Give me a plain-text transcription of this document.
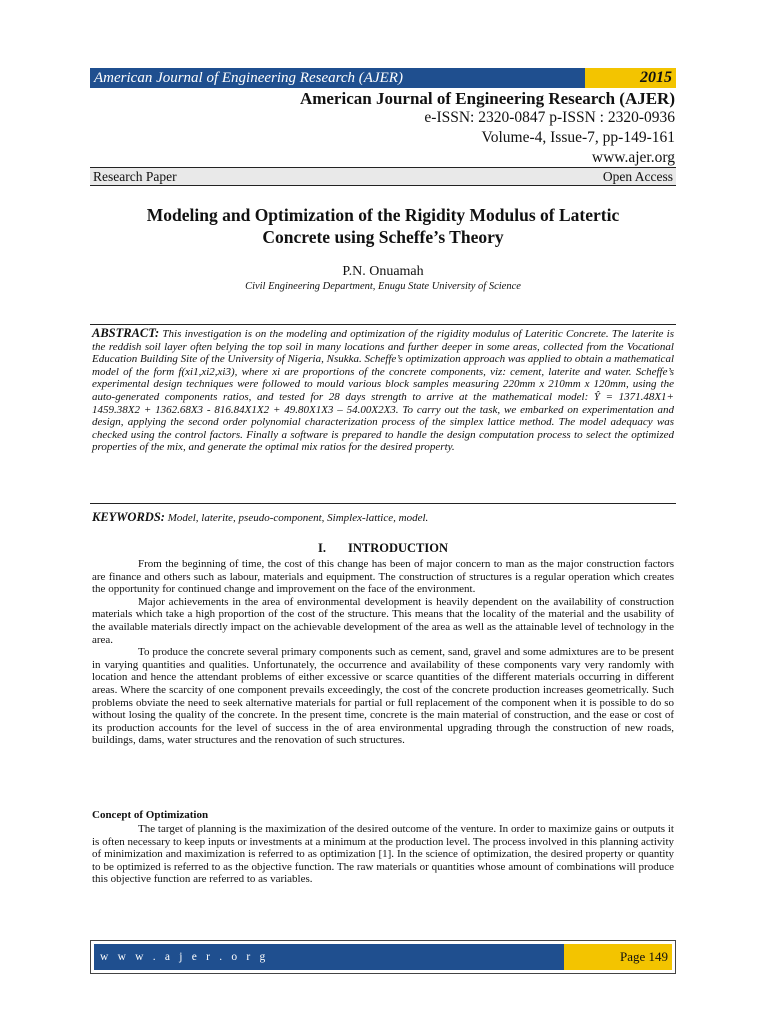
American Journal of Engineering Research (AJER)	2015
American Journal of Engineering Research (AJER)
e-ISSN: 2320-0847 p-ISSN : 2320-0936
Volume-4, Issue-7, pp-149-161
www.ajer.org
Research Paper	Open Access
Modeling and Optimization of the Rigidity Modulus of Latertic
Concrete using Scheffe’s Theory
P.N. Onuamah
Civil Engineering Department, Enugu State University of Science
ABSTRACT: This investigation is on the modeling and optimization of the rigidity modulus of Lateritic Concrete. The laterite is the reddish soil layer often belying the top soil in many locations and further deeper in some areas, collected from the Vocational Education Building Site of the University of Nigeria, Nsukka. Scheffe’s optimization approach was applied to obtain a mathematical model of the form f(xi1,xi2,xi3), where xi are proportions of the concrete components, viz: cement, laterite and water. Scheffe’s experimental design techniques were followed to mould various block samples measuring 220mm x 210mm x 120mm, using the auto-generated components ratios, and tested for 28 days strength to arrive at the mathematical model: Ŷ = 1371.48X1+ 1459.38X2 + 1362.68X3 - 816.84X1X2 + 49.80X1X3 – 54.00X2X3. To carry out the task, we embarked on experimentation and design, applying the second order polynomial characterization process of the simplex lattice method. The model adequacy was checked using the control factors. Finally a software is prepared to handle the design computation process to select the optimized properties of the mix, and generate the optimal mix ratios for the desired property.
KEYWORDS: Model, laterite, pseudo-component, Simplex-lattice, model.
I. INTRODUCTION

From the beginning of time, the cost of this change has been of major concern to man as the major construction factors are finance and others such as labour, materials and equipment. The construction of structures is a regular operation which creates the opportunity for continued change and improvement on the face of the environment.

Major achievements in the area of environmental development is heavily dependent on the availability of construction materials which take a high proportion of the cost of the structure. This means that the locality of the material and the usability of the available materials directly impact on the achievable development of the area as well as the attainable level of technology in the area.

To produce the concrete several primary components such as cement, sand, gravel and some admixtures are to be present in varying quantities and qualities. Unfortunately, the occurrence and availability of these components vary very randomly with location and hence the attendant problems of either excessive or scarce quantities of the different materials occurring in different areas. Where the scarcity of one component prevails exceedingly, the cost of the concrete production increases geometrically. Such problems obviate the need to seek alternative materials for partial or full replacement of the component when it is possible to do so without losing the quality of the concrete. In the present time, concrete is the main material of construction, and the ease or cost of its production accounts for the level of success in the of area environmental upgrading through the construction of new roads, buildings, dams, water structures and the renovation of such structures.

Concept of Optimization

The target of planning is the maximization of the desired outcome of the venture. In order to maximize gains or outputs it is often necessary to keep inputs or investments at a minimum at the production level. The process involved in this planning activity of minimization and maximization is referred to as optimization [1]. In the science of optimization, the desired property or quantity to be optimized is referred to as the objective function. The raw materials or quantities whose amount of combinations will produce this objective function are referred to as variables.

w w w . a j e r . o r g	Page 149
